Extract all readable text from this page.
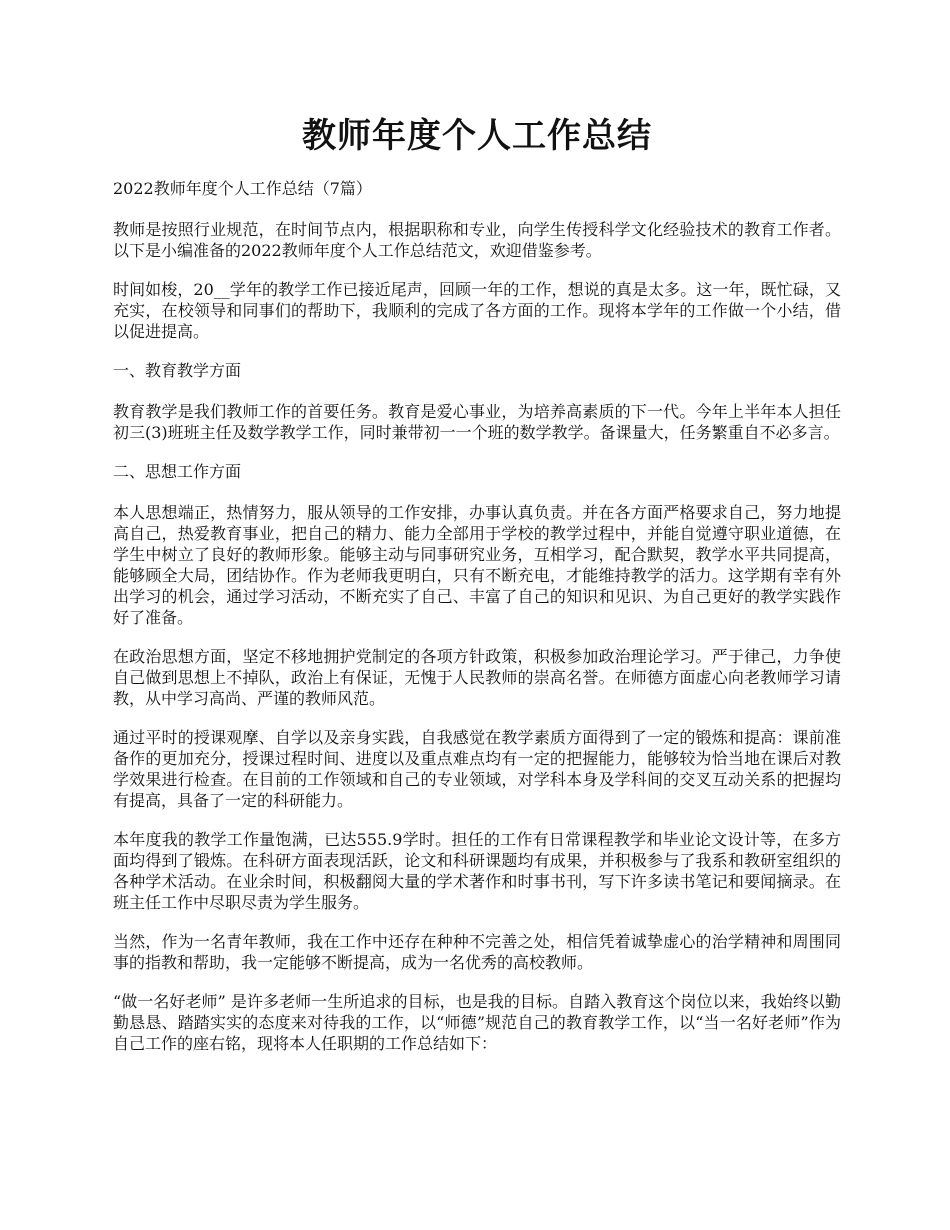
教师年度个人工作总结

2022教师年度个人工作总结（7篇）

教师是按照行业规范，在时间节点内，根据职称和专业，向学生传授科学文化经验技术的教育工作者。以下是小编准备的2022教师年度个人工作总结范文，欢迎借鉴参考。

时间如梭，20__学年的教学工作已接近尾声，回顾一年的工作，想说的真是太多。这一年，既忙碌，又充实，在校领导和同事们的帮助下，我顺利的完成了各方面的工作。现将本学年的工作做一个小结，借以促进提高。

一、教育教学方面

教育教学是我们教师工作的首要任务。教育是爱心事业，为培养高素质的下一代。今年上半年本人担任初三(3)班班主任及数学教学工作，同时兼带初一一个班的数学教学。备课量大，任务繁重自不必多言。

二、思想工作方面

本人思想端正，热情努力，服从领导的工作安排，办事认真负责。并在各方面严格要求自己，努力地提高自己，热爱教育事业，把自己的精力、能力全部用于学校的教学过程中，并能自觉遵守职业道德，在学生中树立了良好的教师形象。能够主动与同事研究业务，互相学习，配合默契，教学水平共同提高，能够顾全大局，团结协作。作为老师我更明白，只有不断充电，才能维持教学的活力。这学期有幸有外出学习的机会，通过学习活动，不断充实了自己、丰富了自己的知识和见识、为自己更好的教学实践作好了准备。

在政治思想方面，坚定不移地拥护党制定的各项方针政策，积极参加政治理论学习。严于律己，力争使自己做到思想上不掉队，政治上有保证，无愧于人民教师的崇高名誉。在师德方面虚心向老教师学习请教，从中学习高尚、严谨的教师风范。

通过平时的授课观摩、自学以及亲身实践，自我感觉在教学素质方面得到了一定的锻炼和提高：课前准备作的更加充分，授课过程时间、进度以及重点难点均有一定的把握能力，能够较为恰当地在课后对教学效果进行检查。在目前的工作领域和自己的专业领域，对学科本身及学科间的交叉互动关系的把握均有提高，具备了一定的科研能力。

本年度我的教学工作量饱满，已达555.9学时。担任的工作有日常课程教学和毕业论文设计等，在多方面均得到了锻炼。在科研方面表现活跃，论文和科研课题均有成果，并积极参与了我系和教研室组织的各种学术活动。在业余时间，积极翻阅大量的学术著作和时事书刊，写下许多读书笔记和要闻摘录。在班主任工作中尽职尽责为学生服务。

当然，作为一名青年教师，我在工作中还存在种种不完善之处，相信凭着诚挚虚心的治学精神和周围同事的指教和帮助，我一定能够不断提高，成为一名优秀的高校教师。

“做一名好老师” 是许多老师一生所追求的目标，也是我的目标。自踏入教育这个岗位以来，我始终以勤勤恳恳、踏踏实实的态度来对待我的工作，以“师德”规范自己的教育教学工作，以“当一名好老师”作为自己工作的座右铭，现将本人任职期的工作总结如下：
